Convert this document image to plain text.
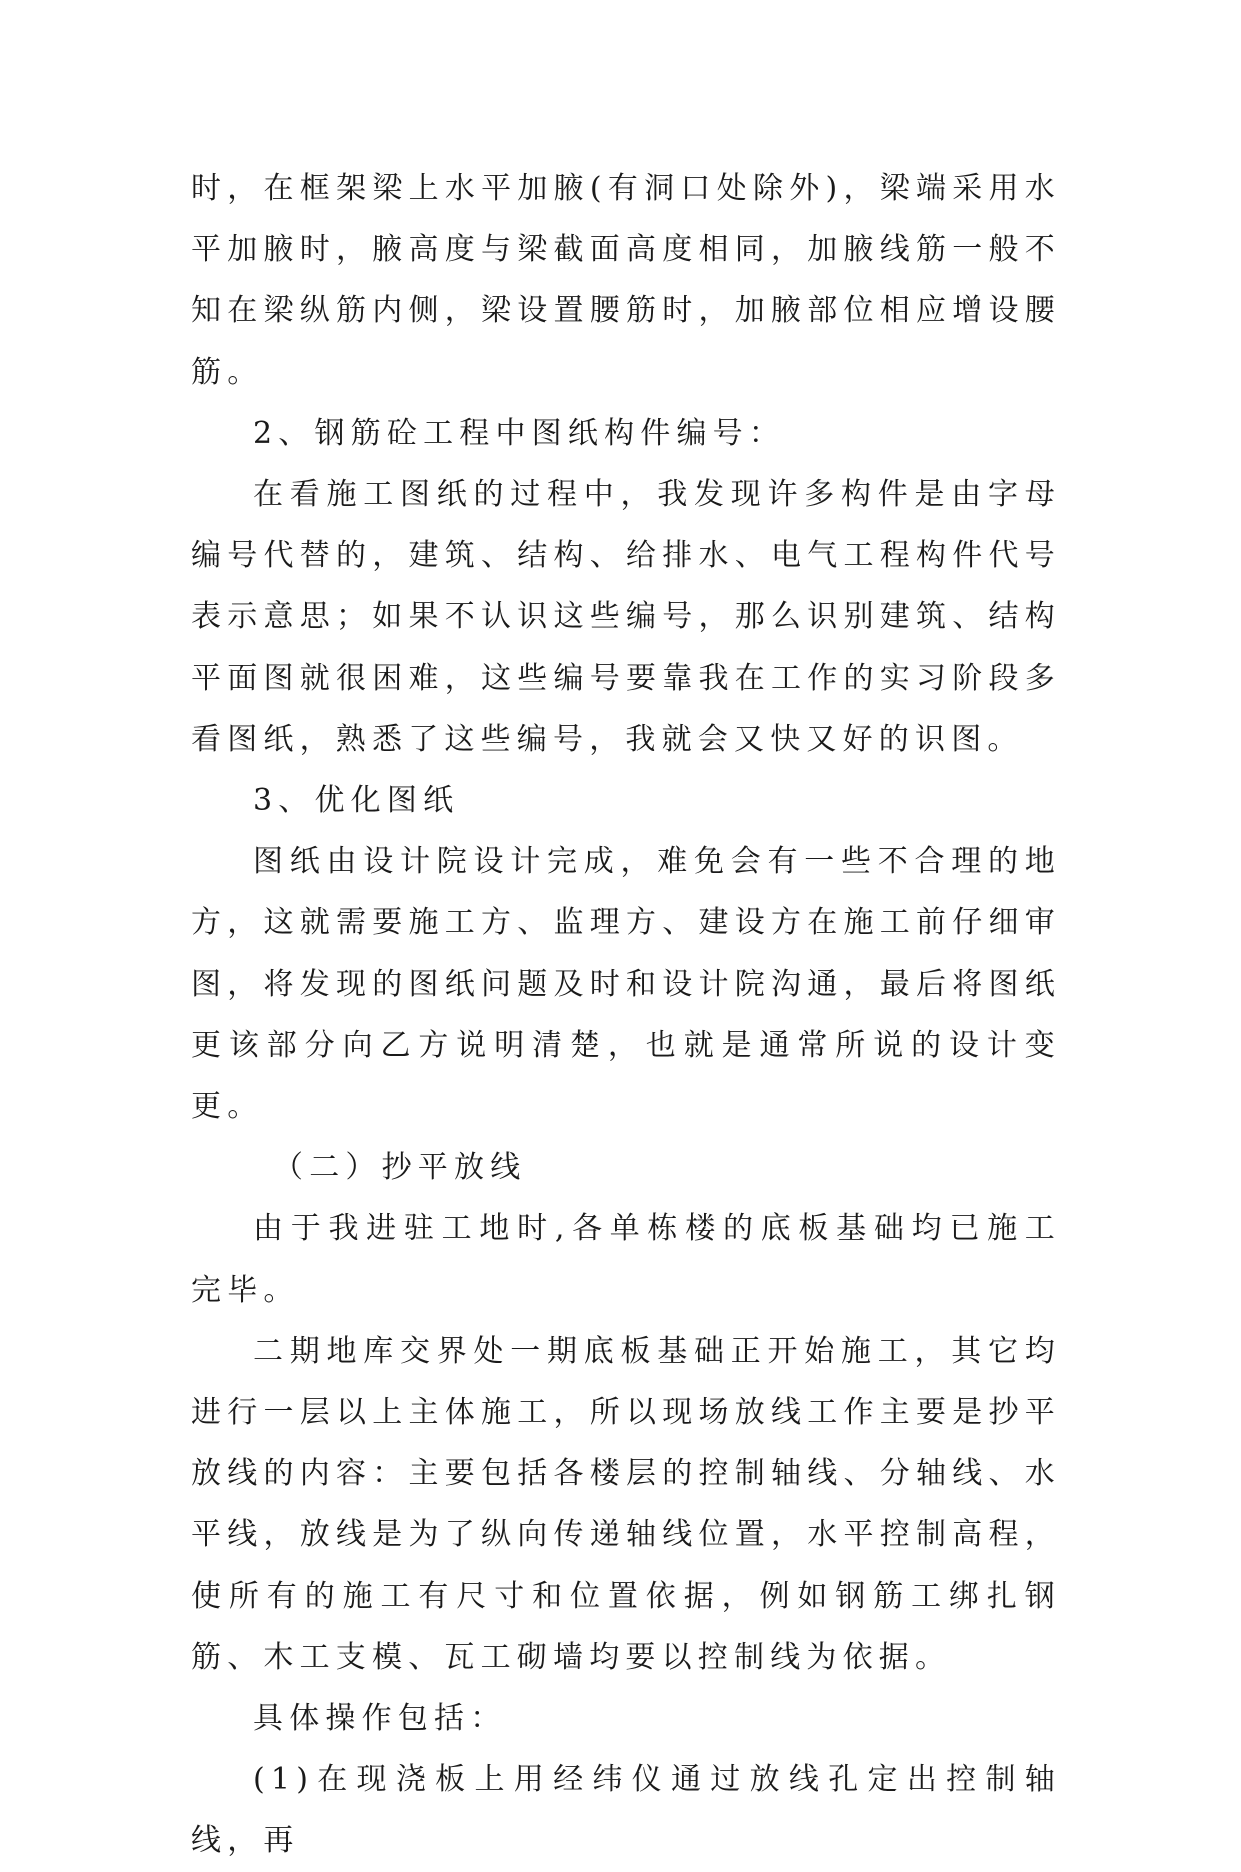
时，在框架梁上水平加腋(有洞口处除外)，梁端采用水平加腋时，腋高度与梁截面高度相同，加腋线筋一般不知在梁纵筋内侧，梁设置腰筋时，加腋部位相应增设腰筋。

2、钢筋砼工程中图纸构件编号：

在看施工图纸的过程中，我发现许多构件是由字母编号代替的，建筑、结构、给排水、电气工程构件代号表示意思；如果不认识这些编号，那么识别建筑、结构平面图就很困难，这些编号要靠我在工作的实习阶段多看图纸，熟悉了这些编号，我就会又快又好的识图。

3、优化图纸

图纸由设计院设计完成，难免会有一些不合理的地方，这就需要施工方、监理方、建设方在施工前仔细审图，将发现的图纸问题及时和设计院沟通，最后将图纸更该部分向乙方说明清楚，也就是通常所说的设计变更。

（二）抄平放线

由于我进驻工地时,各单栋楼的底板基础均已施工完毕。

二期地库交界处一期底板基础正开始施工，其它均进行一层以上主体施工，所以现场放线工作主要是抄平放线的内容：主要包括各楼层的控制轴线、分轴线、水平线，放线是为了纵向传递轴线位置，水平控制高程，使所有的施工有尺寸和位置依据，例如钢筋工绑扎钢筋、木工支模、瓦工砌墙均要以控制线为依据。

具体操作包括：

(1)在现浇板上用经纬仪通过放线孔定出控制轴线，再
